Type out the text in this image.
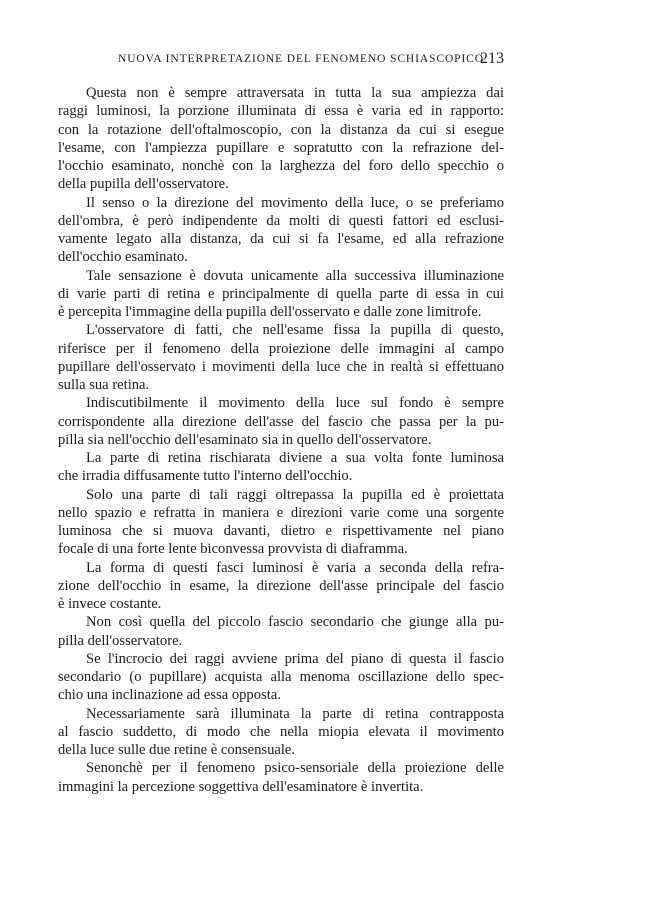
NUOVA INTERPRETAZIONE DEL FENOMENO SCHIASCOPICO
213
Questa non è sempre attraversata in tutta la sua ampiezza dai
raggi luminosi, la porzione illuminata di essa è varia ed in rapporto:
con la rotazione dell'oftalmoscopio, con la distanza da cui si esegue
l'esame, con l'ampiezza pupillare e sopratutto con la refrazione del-
l'occhio esaminato, nonchè con la larghezza del foro dello specchio o
della pupilla dell'osservatore.
Il senso o la direzione del movimento della luce, o se preferiamo
dell'ombra, è però indipendente da molti di questi fattori ed esclusi-
vamente legato alla distanza, da cui si fa l'esame, ed alla refrazione
dell'occhio esaminato.
Tale sensazione è dovuta unicamente alla successiva illuminazione
di varie parti di retina e principalmente di quella parte di essa in cui
è percepita l'immagine della pupilla dell'osservato e dalle zone limitrofe.
L'osservatore di fatti, che nell'esame fissa la pupilla di questo,
riferisce per il fenomeno della proiezione delle immagini al campo
pupillare dell'osservato i movimenti della luce che in realtà si effettuano
sulla sua retina.
Indiscutibilmente il movimento della luce sul fondo è sempre
corrispondente alla direzione dell'asse del fascio che passa per la pu-
pilla sia nell'occhio dell'esaminato sia in quello dell'osservatore.
La parte di retina rischiarata diviene a sua volta fonte luminosa
che irradia diffusamente tutto l'interno dell'occhio.
Solo una parte di tali raggi oltrepassa la pupilla ed è proiettata
nello spazio e refratta in maniera e direzioni varie come una sorgente
luminosa che si muova davanti, dietro e rispettivamente nel piano
focale di una forte lente biconvessa provvista di diaframma.
La forma di questi fasci luminosi è varia a seconda della refra-
zione dell'occhio in esame, la direzione dell'asse principale del fascio
è invece costante.
Non così quella del piccolo fascio secondario che giunge alla pu-
pilla dell'osservatore.
Se l'incrocio dei raggi avviene prima del piano di questa il fascio
secondario (o pupillare) acquista alla menoma oscillazione dello spec-
chio una inclinazione ad essa opposta.
Necessariamente sarà illuminata la parte di retina contrapposta
al fascio suddetto, di modo che nella miopia elevata il movimento
della luce sulle due retine è consensuale.
Senonchè per il fenomeno psico-sensoriale della proiezione delle
immagini la percezione soggettiva dell'esaminatore è invertita.
